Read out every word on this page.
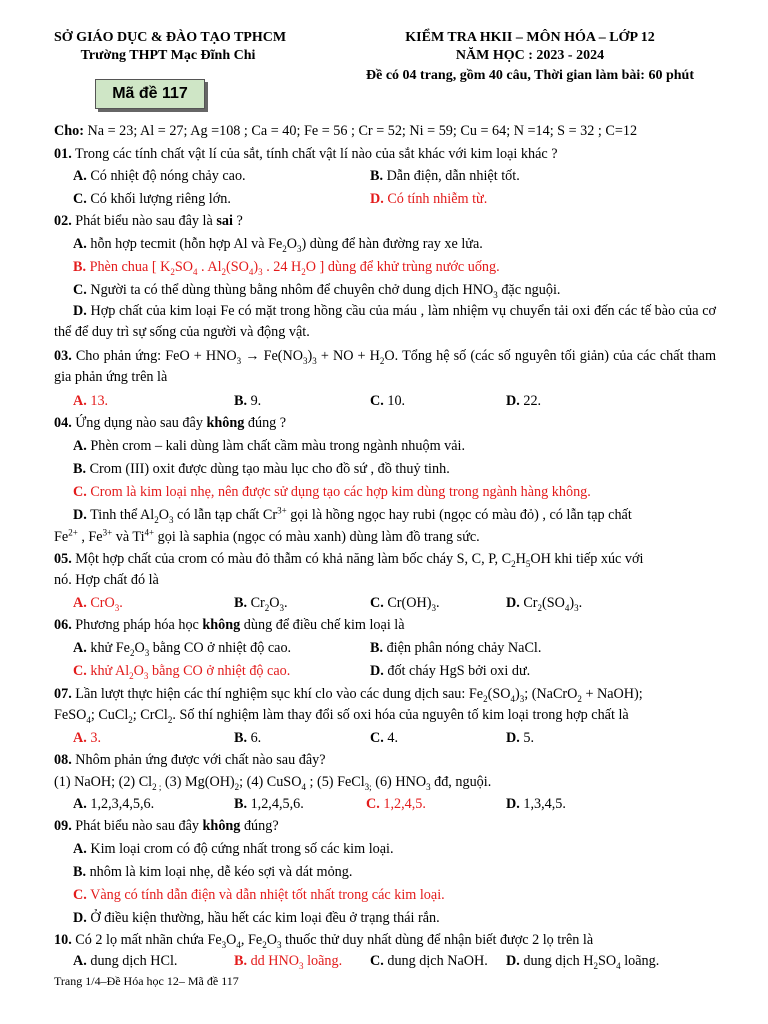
SỞ GIÁO DỤC & ĐÀO TẠO TPHCM
Trường THPT Mạc Đĩnh Chi
KIỂM TRA HKII – MÔN HÓA – LỚP 12
NĂM HỌC : 2023 - 2024
Đề có 04 trang, gồm 40 câu, Thời gian làm bài: 60 phút
Mã đề 117
Cho: Na = 23; Al = 27; Ag =108 ; Ca = 40; Fe = 56 ; Cr = 52; Ni = 59; Cu = 64; N =14; S = 32 ; C=12
01. Trong các tính chất vật lí của sắt, tính chất vật lí nào của sắt khác với kim loại khác ?
A. Có nhiệt độ nóng chảy cao.	B. Dẫn điện, dẫn nhiệt tốt.
C. Có khối lượng riêng lớn.	D. Có tính nhiễm từ.
02. Phát biểu nào sau đây là sai ?
A. hỗn hợp tecmit (hỗn hợp Al và $Fe_2O_3$) dùng để hàn đường ray xe lửa.
B. Phèn chua [ $K_2SO_4$ . $Al_2(SO_4)_3$ . 24 $H_2O$ ] dùng để khử trùng nước uống.
C. Người ta có thể dùng thùng bằng nhôm để chuyên chở dung dịch $HNO_3$ đặc nguội.
D. Hợp chất của kim loại Fe có mặt trong hồng cầu của máu , làm nhiệm vụ chuyển tải oxi đến các tế bào của cơ thể để duy trì sự sống của người và động vật.
03. Cho phản ứng: FeO + $HNO_3 \to Fe(NO_3)_3$ + NO + $H_2O$. Tổng hệ số (các số nguyên tối giản) của các chất tham gia phản ứng trên là
A. 13.	B. 9.	C. 10.	D. 22.
04. Ứng dụng nào sau đây không đúng ?
A. Phèn crom – kali dùng làm chất cầm màu trong ngành nhuộm vải.
B. Crom (III) oxit được dùng tạo màu lục cho đồ sứ , đồ thuỷ tinh.
C. Crom là kim loại nhẹ, nên được sử dụng tạo các hợp kim dùng trong ngành hàng không.
D. Tinh thể $Al_2O_3$ có lẫn tạp chất $Cr^{3+}$ gọi là hồng ngọc hay rubi (ngọc có màu đỏ) , có lẫn tạp chất
$Fe^{2+}$ , $Fe^{3+}$ và $Ti^{4+}$ gọi là saphia (ngọc có màu xanh) dùng làm đồ trang sức.
05. Một hợp chất của crom có màu đỏ thẫm có khả năng làm bốc cháy S, C, P, $C_2H_5OH$ khi tiếp xúc với
nó. Hợp chất đó là
A. CrO$_3$.	B. $Cr_2O_3$.	C. $Cr(OH)_3$.	D. $Cr_2(SO_4)_3$.
06. Phương pháp hóa học không dùng để điều chế kim loại là
A. khử $Fe_2O_3$ bằng CO ở nhiệt độ cao.	B. điện phân nóng chảy NaCl.
C. khử $Al_2O_3$ bằng CO ở nhiệt độ cao.	D. đốt cháy HgS bởi oxi dư.
07. Lần lượt thực hiện các thí nghiệm sục khí clo vào các dung dịch sau: $Fe_2(SO_4)_3$; (NaCrO$_2$ + NaOH);
FeSO$_4$; CuCl$_2$; CrCl$_2$. Số thí nghiệm làm thay đổi số oxi hóa của nguyên tố kim loại trong hợp chất là
A. 3.	B. 6.	C. 4.	D. 5.
08. Nhôm phản ứng được với chất nào sau đây?
(1) NaOH; (2) $Cl_{2 ;}$ (3) $Mg(OH)_2$; (4) CuSO$_4$ ; (5) FeCl$_{3;}$ (6) $HNO_3$ đđ, nguội.
A. 1,2,3,4,5,6.	B. 1,2,4,5,6.	C. 1,2,4,5.	D. 1,3,4,5.
09. Phát biểu nào sau đây không đúng?
A. Kim loại crom có độ cứng nhất trong số các kim loại.
B. nhôm là kim loại nhẹ, dễ kéo sợi và dát mỏng.
C. Vàng có tính dẫn điện và dẫn nhiệt tốt nhất trong các kim loại.
D. Ở điều kiện thường, hầu hết các kim loại đều ở trạng thái rắn.
10. Có 2 lọ mất nhãn chứa $Fe_3O_4$, $Fe_2O_3$ thuốc thử duy nhất dùng để nhận biết được 2 lọ trên là
A. dung dịch HCl.	B. dd $HNO_3$ loãng. C. dung dịch NaOH. D. dung dịch $H_2SO_4$ loãng.
Trang 1/4–Đề Hóa học 12– Mã đề 117
